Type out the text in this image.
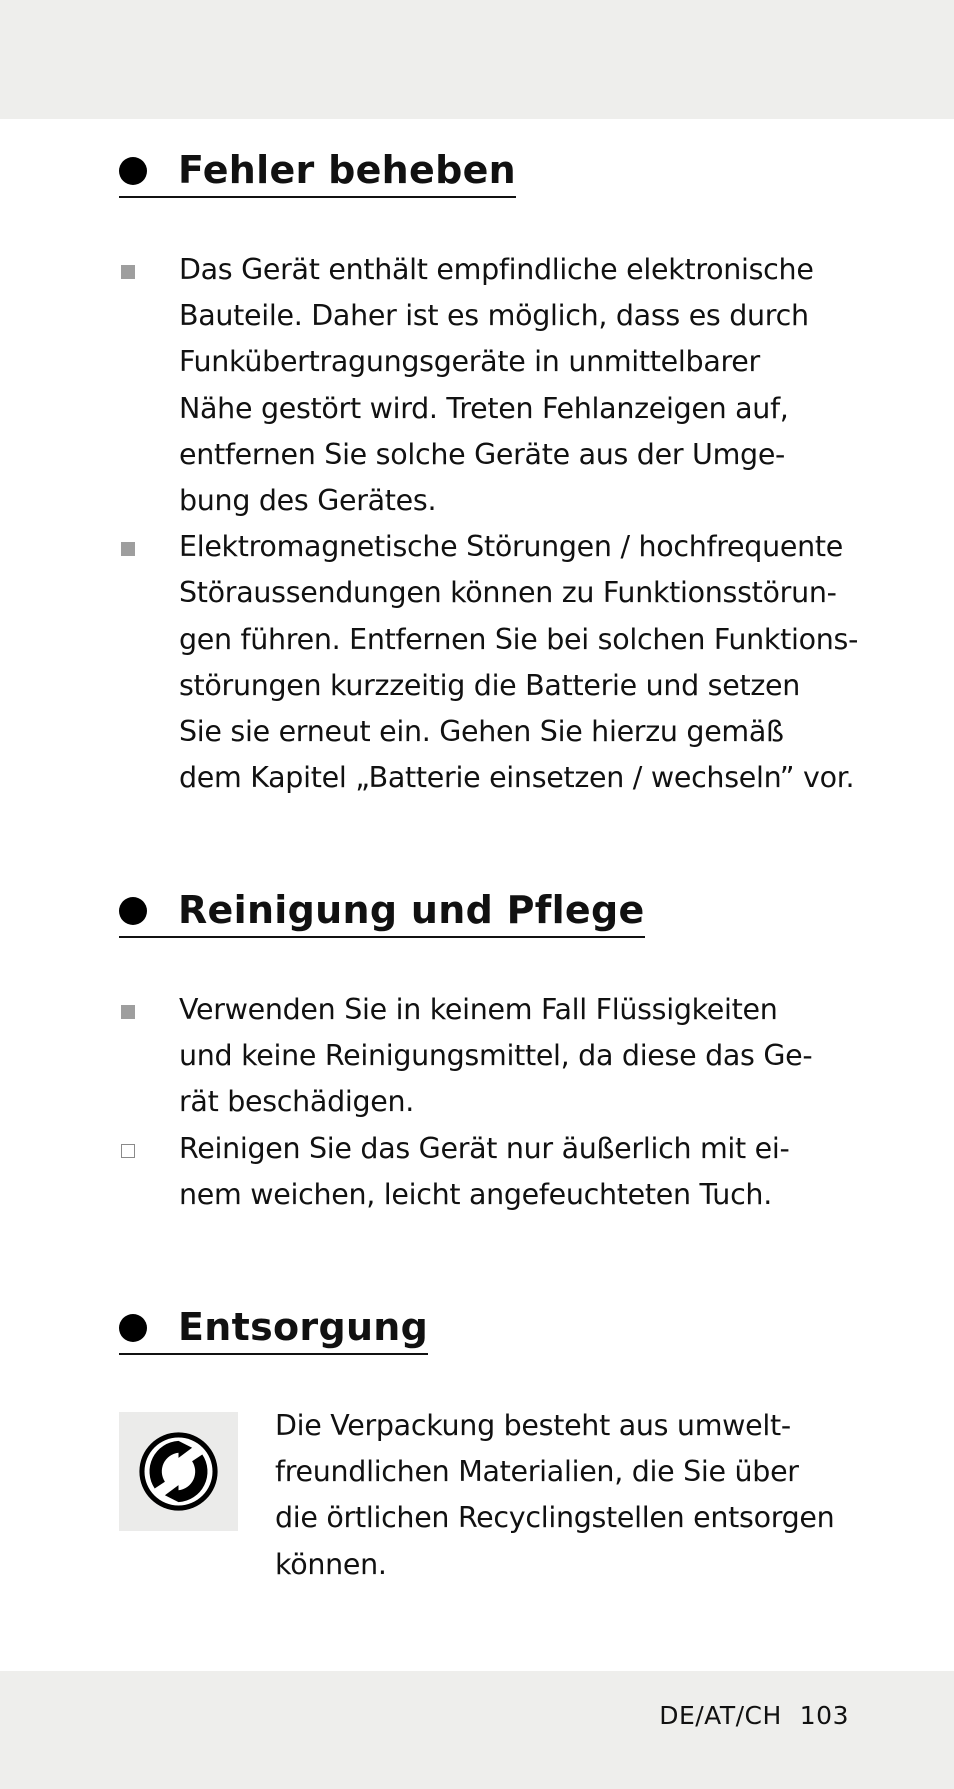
Fehler beheben
Das Gerät enthält empfindliche elektronische
Bauteile. Daher ist es möglich, dass es durch
Funkübertragungsgeräte in unmittelbarer
Nähe gestört wird. Treten Fehlanzeigen auf,
entfernen Sie solche Geräte aus der Umge-
bung des Gerätes.
Elektromagnetische Störungen / hochfrequente
Störaussendungen können zu Funktionsstörun-
gen führen. Entfernen Sie bei solchen Funktions-
störungen kurzzeitig die Batterie und setzen
Sie sie erneut ein. Gehen Sie hierzu gemäß
dem Kapitel „Batterie einsetzen / wechseln” vor.
Reinigung und Pflege
Verwenden Sie in keinem Fall Flüssigkeiten
und keine Reinigungsmittel, da diese das Ge-
rät beschädigen.
Reinigen Sie das Gerät nur äußerlich mit ei-
nem weichen, leicht angefeuchteten Tuch.
Entsorgung
Die Verpackung besteht aus umwelt-
freundlichen Materialien, die Sie über
die örtlichen Recyclingstellen entsorgen
können.
DE/AT/CH 103
